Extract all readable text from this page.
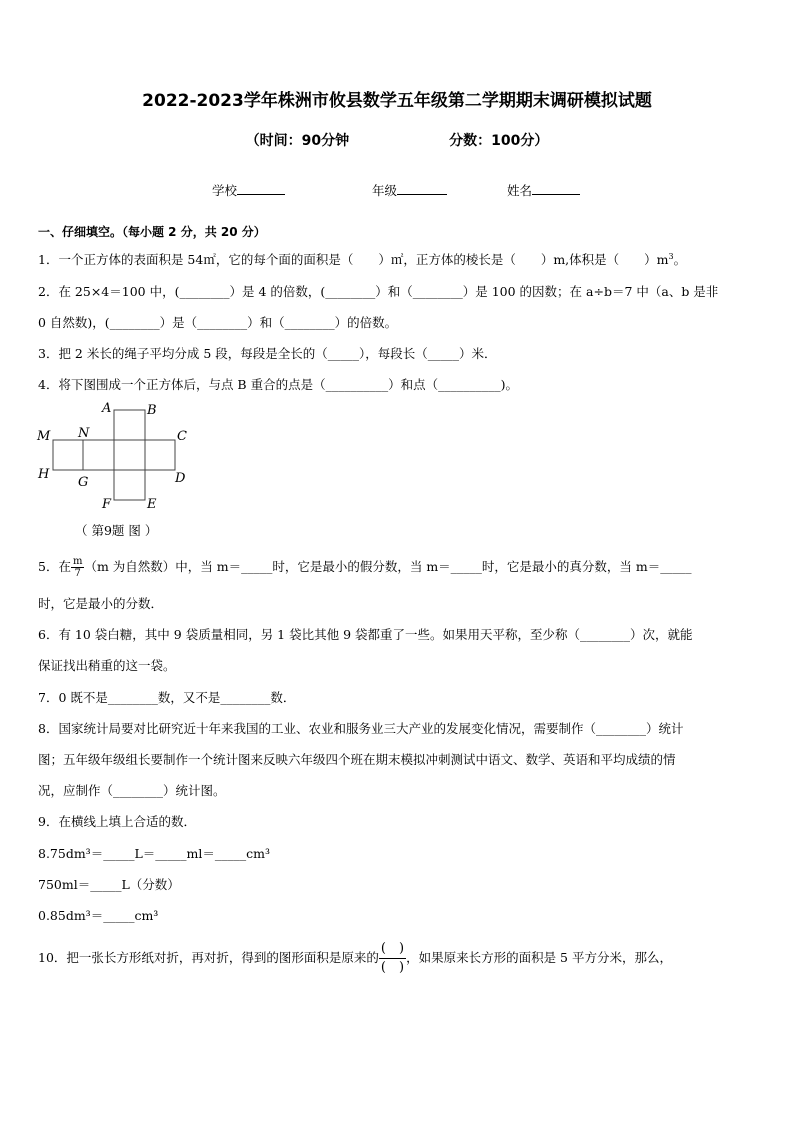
2022-2023学年株洲市攸县数学五年级第二学期期末调研模拟试题
（时间：90分钟	分数：100分）
学校	年级	姓名
一、仔细填空。（每小题 2 分，共 20 分）
1．一个正方体的表面积是 54㎡，它的每个面的面积是（　　）㎡，正方体的棱长是（　　）m,体积是（　　）$m^3$。
2．在 25×4＝100 中，(________）是 4 的倍数，(________）和（________）是 100 的因数；在 a÷b＝7 中（a、b 是非
0 自然数)，(________）是（________）和（________）的倍数。
3．把 2 米长的绳子平均分成 5 段，每段是全长的（_____），每段长（_____）米．
4．将下图围成一个正方体后，与点 B 重合的点是（__________）和点（__________)。
A	B
M N	C
H
G	D
F	E
（ 第9题 图 ）
5．在 $\frac{m}{7} (m$ 为自然数）中，当 m＝_____时，它是最小的假分数，当 m＝_____时，它是最小的真分数，当 m＝_____
时，它是最小的分数．
6．有 10 袋白糖，其中 9 袋质量相同，另 1 袋比其他 9 袋都重了一些。如果用天平称，至少称（________）次，就能
保证找出稍重的这一袋。
7．0 既不是________数，又不是________数．
8．国家统计局要对比研究近十年来我国的工业、农业和服务业三大产业的发展变化情况，需要制作（________）统计
图；五年级年级组长要制作一个统计图来反映六年级四个班在期末模拟冲刺测试中语文、数学、英语和平均成绩的情
况，应制作（________）统计图。
9．在横线上填上合适的数．
8.75dm³＝_____L＝_____ml＝_____cm³
750ml＝_____L（分数）
0.85dm³＝_____cm³
10．把一张长方形纸对折，再对折，得到的图形面积是原来的
(　)
(　)
，如果原来长方形的面积是 5 平方分米，那么，
